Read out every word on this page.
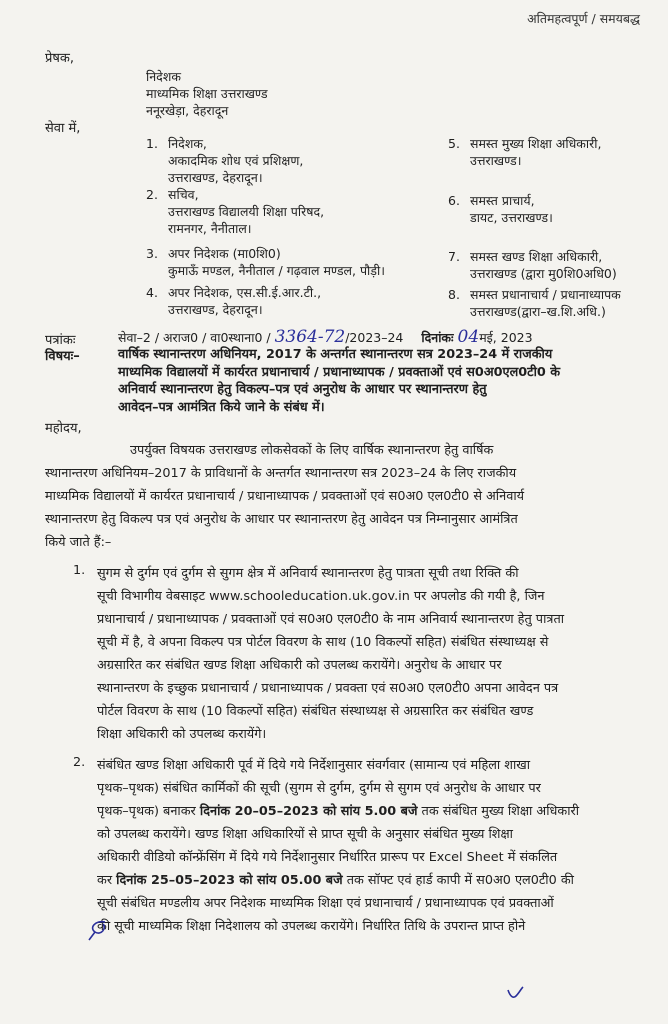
अतिमहत्वपूर्ण / समयबद्ध
प्रेषक,
निदेशक
माध्यमिक शिक्षा उत्तराखण्ड
ननूरखेड़ा, देहरादून
सेवा में,
1. निदेशक,
अकादमिक शोध एवं प्रशिक्षण,
उत्तराखण्ड, देहरादून।
2. सचिव,
उत्तराखण्ड विद्यालयी शिक्षा परिषद,
रामनगर, नैनीताल।
3. अपर निदेशक (मा0शि0)
कुमाऊँ मण्डल, नैनीताल / गढ़वाल मण्डल, पौड़ी।
4. अपर निदेशक, एस.सी.ई.आर.टी.,
उत्तराखण्ड, देहरादून।
5. समस्त मुख्य शिक्षा अधिकारी,
उत्तराखण्ड।
6. समस्त प्राचार्य,
डायट, उत्तराखण्ड।
7. समस्त खण्ड शिक्षा अधिकारी,
उत्तराखण्ड (द्वारा मु0शि0अधि0)
8. समस्त प्रधानाचार्य / प्रधानाध्यापक
उत्तराखण्ड(द्वारा–ख.शि.अधि.)
पत्रांकः	सेवा–2 / अराज0 / वा0स्थाना0 / 3364-72/2023–24 दिनांकः 04मई, 2023
विषयः–	वार्षिक स्थानान्तरण अधिनियम, 2017 के अन्तर्गत स्थानान्तरण सत्र 2023–24 में राजकीय
माध्यमिक विद्यालयों में कार्यरत प्रधानाचार्य / प्रधानाध्यापक / प्रवक्ताओं एवं स0अ0एल0टी0 के
अनिवार्य स्थानान्तरण हेतु विकल्प–पत्र एवं अनुरोध के आधार पर स्थानान्तरण हेतु
आवेदन–पत्र आमंत्रित किये जाने के संबंध में।
महोदय,
उपर्युक्त विषयक उत्तराखण्ड लोकसेवकों के लिए वार्षिक स्थानान्तरण हेतु वार्षिक
स्थानान्तरण अधिनियम–2017 के प्राविधानों के अन्तर्गत स्थानान्तरण सत्र 2023–24 के लिए राजकीय
माध्यमिक विद्यालयों में कार्यरत प्रधानाचार्य / प्रधानाध्यापक / प्रवक्ताओं एवं स0अ0 एल0टी0 से अनिवार्य
स्थानान्तरण हेतु विकल्प पत्र एवं अनुरोध के आधार पर स्थानान्तरण हेतु आवेदन पत्र निम्नानुसार आमंत्रित
किये जाते हैं:–
1. सुगम से दुर्गम एवं दुर्गम से सुगम क्षेत्र में अनिवार्य स्थानान्तरण हेतु पात्रता सूची तथा रिक्ति की
सूची विभागीय वेबसाइट www.schooleducation.uk.gov.in पर अपलोड की गयी है, जिन
प्रधानाचार्य / प्रधानाध्यापक / प्रवक्ताओं एवं स0अ0 एल0टी0 के नाम अनिवार्य स्थानान्तरण हेतु पात्रता
सूची में है, वे अपना विकल्प पत्र पोर्टल विवरण के साथ (10 विकल्पों सहित) संबंधित संस्थाध्यक्ष से
अग्रसारित कर संबंधित खण्ड शिक्षा अधिकारी को उपलब्ध करायेंगे। अनुरोध के आधार पर
स्थानान्तरण के इच्छुक प्रधानाचार्य / प्रधानाध्यापक / प्रवक्ता एवं स0अ0 एल0टी0 अपना आवेदन पत्र
पोर्टल विवरण के साथ (10 विकल्पों सहित) संबंधित संस्थाध्यक्ष से अग्रसारित कर संबंधित खण्ड
शिक्षा अधिकारी को उपलब्ध करायेंगे।
2. संबंधित खण्ड शिक्षा अधिकारी पूर्व में दिये गये निर्देशानुसार संवर्गवार (सामान्य एवं महिला शाखा
पृथक–पृथक) संबंधित कार्मिकों की सूची (सुगम से दुर्गम, दुर्गम से सुगम एवं अनुरोध के आधार पर
पृथक–पृथक) बनाकर दिनांक 20–05–2023 को सांय 5.00 बजे तक संबंधित मुख्य शिक्षा अधिकारी
को उपलब्ध करायेंगे। खण्ड शिक्षा अधिकारियों से प्राप्त सूची के अनुसार संबंधित मुख्य शिक्षा
अधिकारी वीडियो कॉन्फ्रेंसिंग में दिये गये निर्देशानुसार निर्धारित प्रारूप पर Excel Sheet में संकलित
कर दिनांक 25–05–2023 को सांय 05.00 बजे तक सॉफ्ट एवं हार्ड कापी में स0अ0 एल0टी0 की
सूची संबंधित मण्डलीय अपर निदेशक माध्यमिक शिक्षा एवं प्रधानाचार्य / प्रधानाध्यापक एवं प्रवक्ताओं
की सूची माध्यमिक शिक्षा निदेशालय को उपलब्ध करायेंगे। निर्धारित तिथि के उपरान्त प्राप्त होने
